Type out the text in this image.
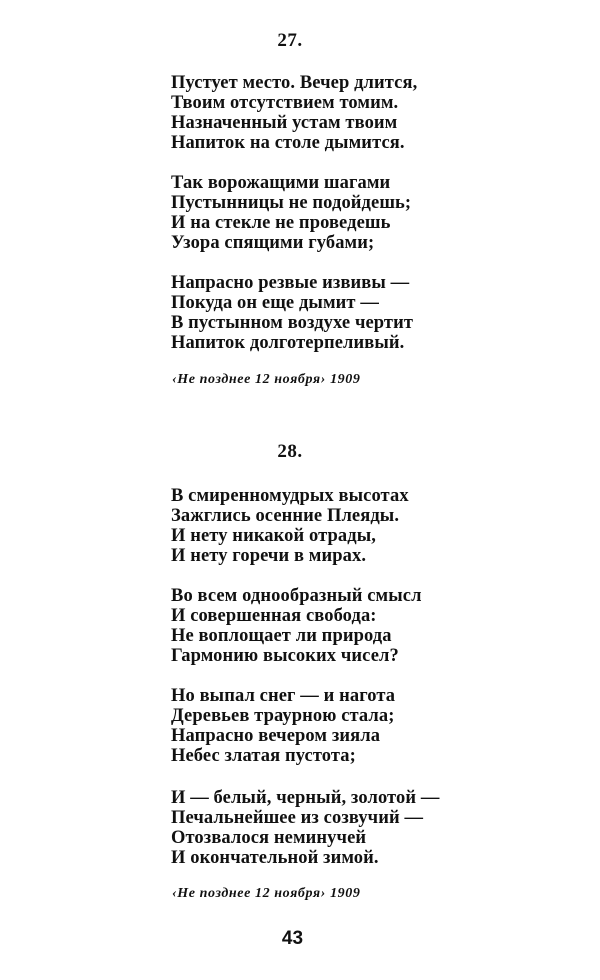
27.
Пустует место. Вечер длится,
Твоим отсутствием томим.
Назначенный устам твоим
Напиток на столе дымится.
Так ворожащими шагами
Пустынницы не подойдешь;
И на стекле не проведешь
Узора спящими губами;
Напрасно резвые извивы —
Покуда он еще дымит —
В пустынном воздухе чертит
Напиток долготерпеливый.
‹Не позднее 12 ноября› 1909
28.
В смиренномудрых высотах
Зажглись осенние Плеяды.
И нету никакой отрады,
И нету горечи в мирах.
Во всем однообразный смысл
И совершенная свобода:
Не воплощает ли природа
Гармонию высоких чисел?
Но выпал снег — и нагота
Деревьев траурною стала;
Напрасно вечером зияла
Небес златая пустота;
И — белый, черный, золотой —
Печальнейшее из созвучий —
Отозвалося неминучей
И окончательной зимой.
‹Не позднее 12 ноября› 1909
43
